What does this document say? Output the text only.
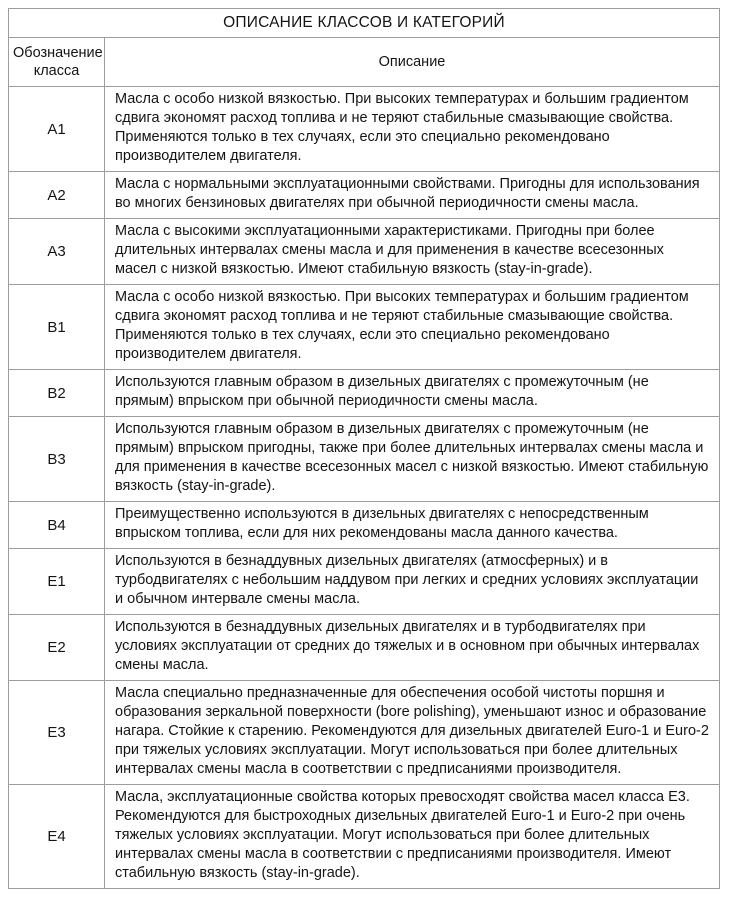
ОПИСАНИЕ КЛАССОВ И КАТЕГОРИЙ	
Обозначение класса	Описание
A1	Масла с особо низкой вязкостью. При высоких температурах и большим градиентом сдвига экономят расход топлива и не теряют стабильные смазывающие свойства. Применяются только в тех случаях, если это специально рекомендовано производителем двигателя.
A2	Масла с нормальными эксплуатационными свойствами. Пригодны для использования во многих бензиновых двигателях при обычной периодичности смены масла.
A3	Масла с высокими эксплуатационными характеристиками. Пригодны при более длительных интервалах смены масла и для применения в качестве всесезонных масел с низкой вязкостью. Имеют стабильную вязкость (stay-in-grade).
B1	Масла с особо низкой вязкостью. При высоких температурах и большим градиентом сдвига экономят расход топлива и не теряют стабильные смазывающие свойства. Применяются только в тех случаях, если это специально рекомендовано производителем двигателя.
B2	Используются главным образом в дизельных двигателях с промежуточным (не прямым) впрыском при обычной периодичности смены масла.
B3	Используются главным образом в дизельных двигателях с промежуточным (не прямым) впрыском пригодны, также при более длительных интервалах смены масла и для применения в качестве всесезонных масел с низкой вязкостью. Имеют стабильную вязкость (stay-in-grade).
B4	Преимущественно используются в дизельных двигателях с непосредственным впрыском топлива, если для них рекомендованы масла данного качества.
E1	Используются в безнаддувных дизельных двигателях (атмосферных) и в турбодвигателях с небольшим наддувом при легких и средних условиях эксплуатации и обычном интервале смены масла.
E2	Используются в безнаддувных дизельных двигателях и в турбодвигателях при условиях эксплуатации от средних до тяжелых и в основном при обычных интервалах смены масла.
E3	Масла специально предназначенные для обеспечения особой чистоты поршня и образования зеркальной поверхности (bore polishing), уменьшают износ и образование нагара. Стойкие к старению. Рекомендуются для дизельных двигателей Euro-1 и Euro-2 при тяжелых условиях эксплуатации. Могут использоваться при более длительных интервалах смены масла в соответствии с предписаниями производителя.
E4	Масла, эксплуатационные свойства которых превосходят свойства масел класса Е3. Рекомендуются для быстроходных дизельных двигателей Euro-1 и Euro-2 при очень тяжелых условиях эксплуатации. Могут использоваться при более длительных интервалах смены масла в соответствии с предписаниями производителя. Имеют стабильную вязкость (stay-in-grade).
